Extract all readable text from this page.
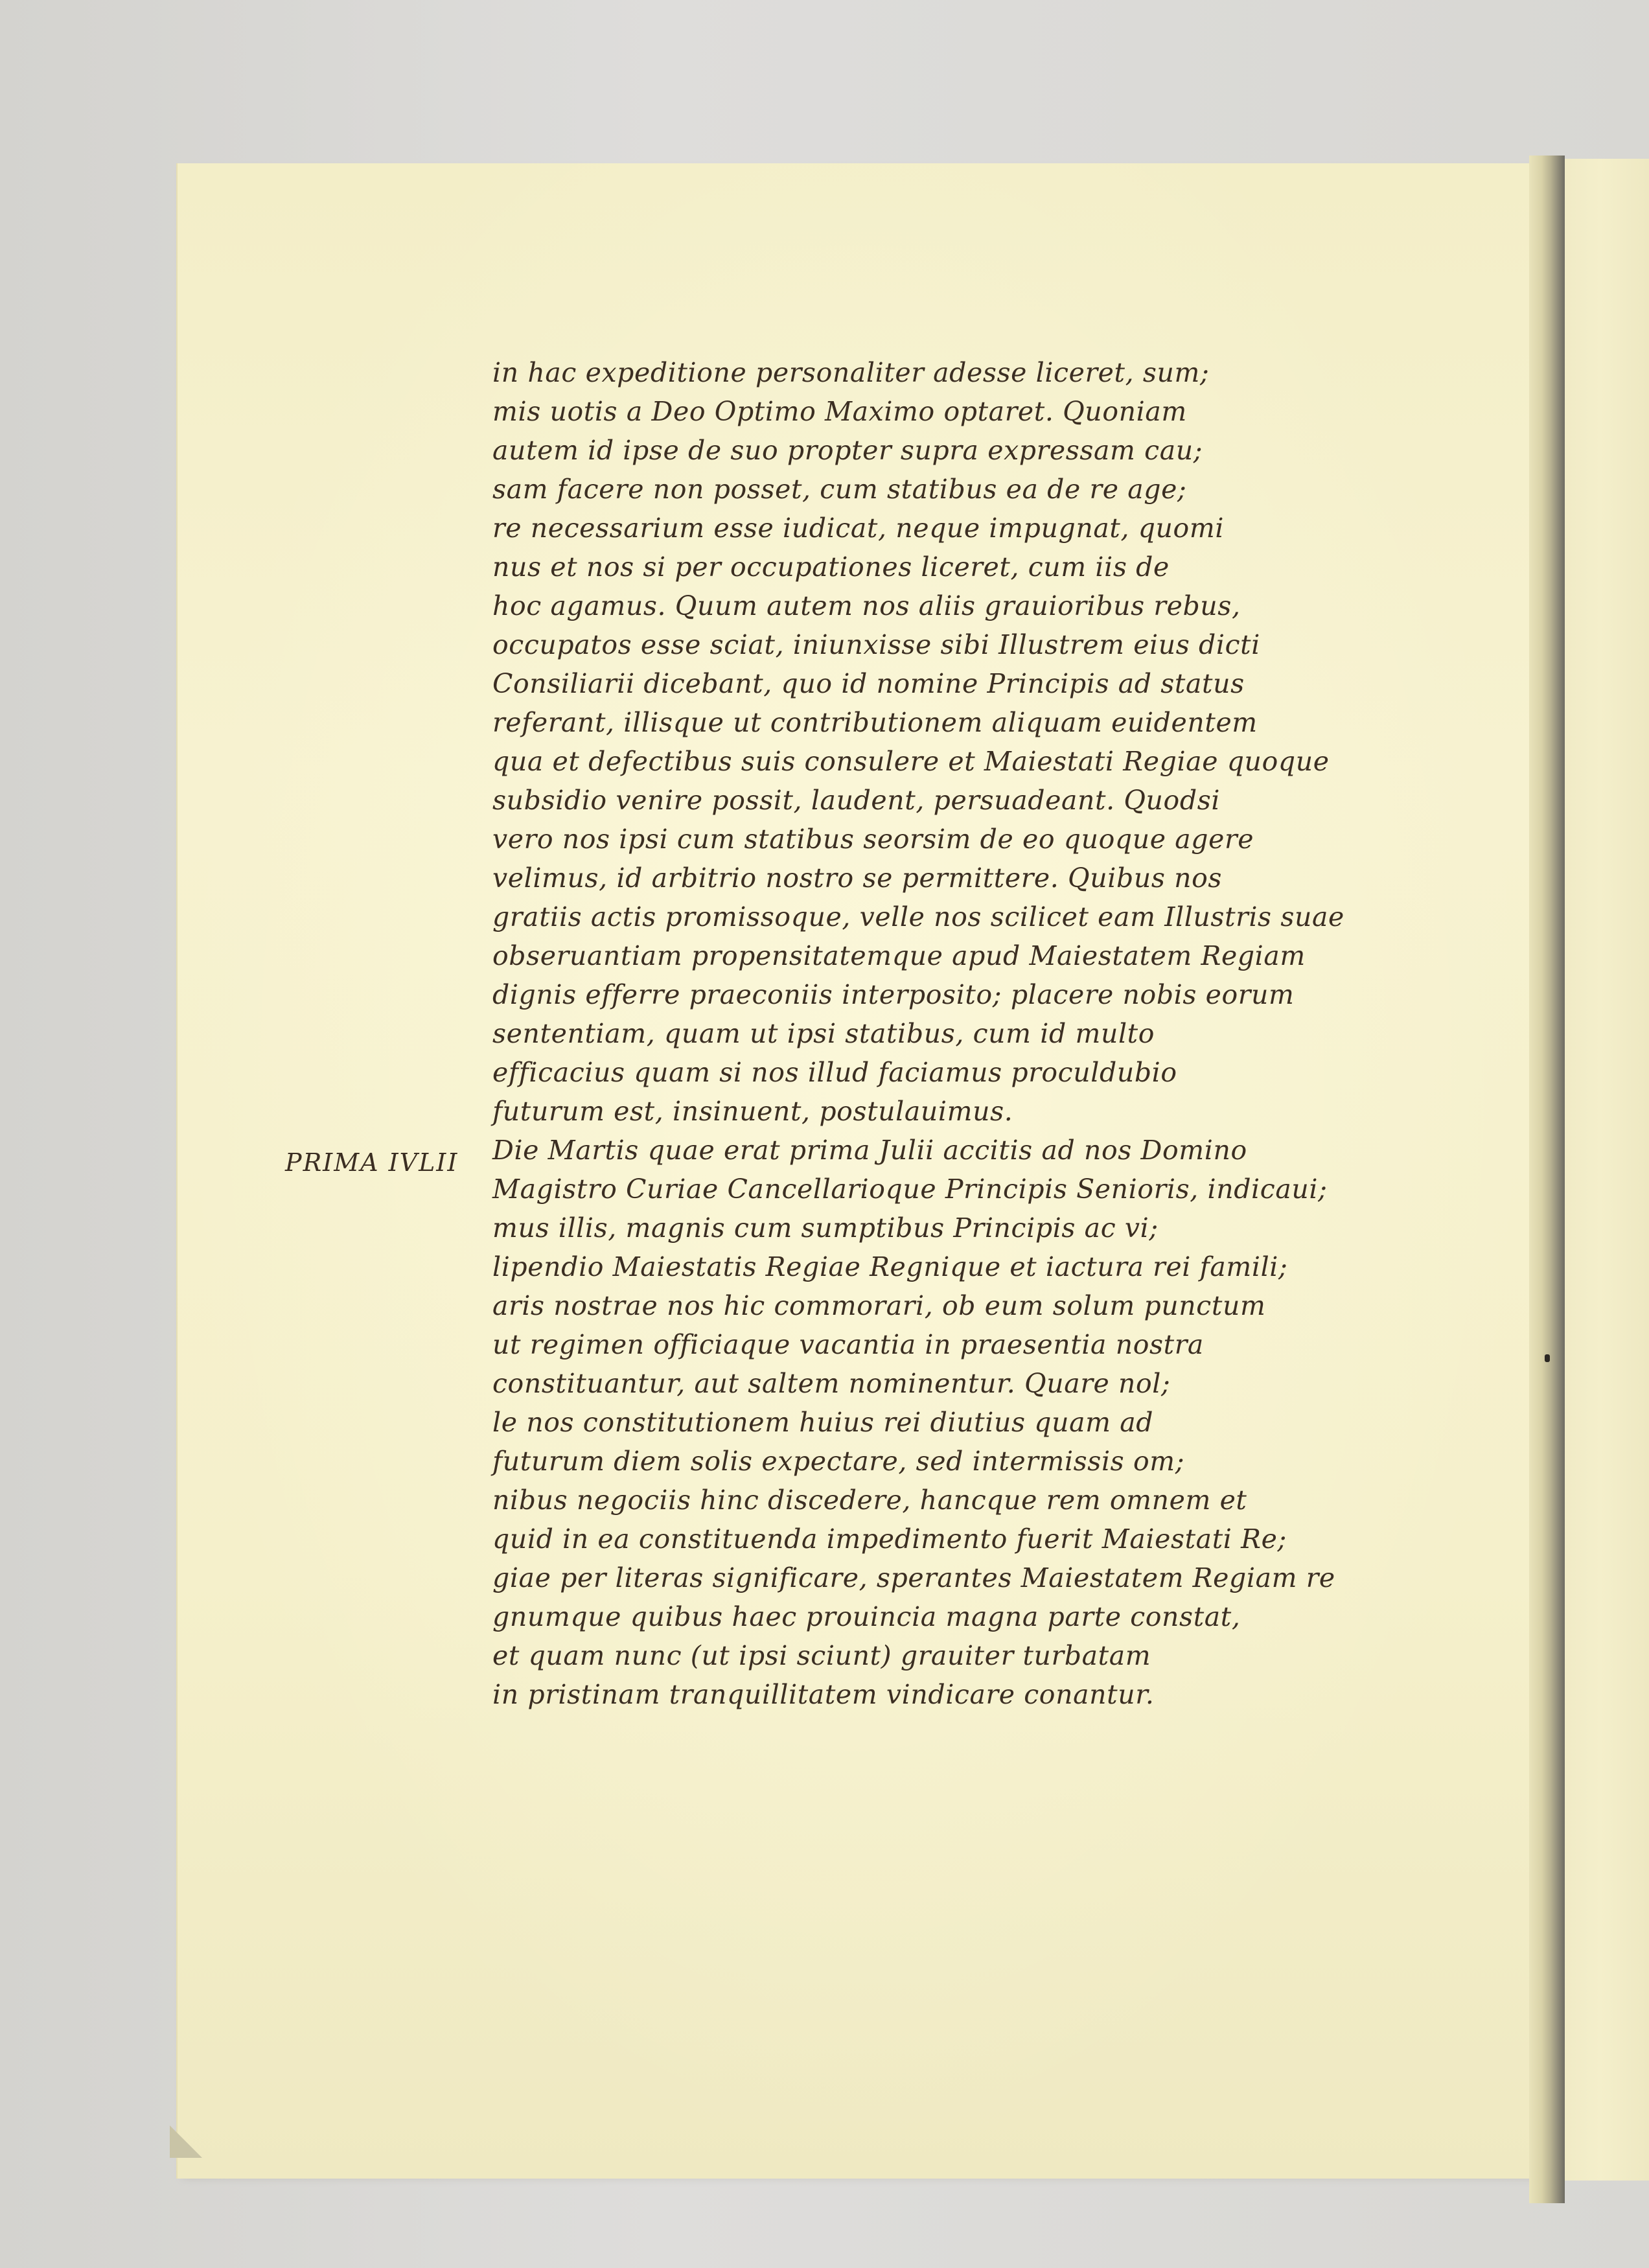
PRIMA IVLII
in hac expeditione personaliter adesse liceret, sum;
mis uotis a Deo Optimo Maximo optaret. Quoniam
autem id ipse de suo propter supra expressam cau;
sam facere non posset, cum statibus ea de re age;
re necessarium esse iudicat, neque impugnat, quomi
nus et nos si per occupationes liceret, cum iis de
hoc agamus. Quum autem nos aliis grauioribus rebus,
occupatos esse sciat, iniunxisse sibi Illustrem eius dicti
Consiliarii dicebant, quo id nomine Principis ad status
referant, illisque ut contributionem aliquam euidentem
qua et defectibus suis consulere et Maiestati Regiae quoque
subsidio venire possit, laudent, persuadeant. Quodsi
vero nos ipsi cum statibus seorsim de eo quoque agere
velimus, id arbitrio nostro se permittere. Quibus nos
gratiis actis promissoque, velle nos scilicet eam Illustris suae
obseruantiam propensitatemque apud Maiestatem Regiam
dignis efferre praeconiis interposito; placere nobis eorum
sententiam, quam ut ipsi statibus, cum id multo
efficacius quam si nos illud faciamus proculdubio
futurum est, insinuent, postulauimus.
Die Martis quae erat prima Julii accitis ad nos Domino
Magistro Curiae Cancellarioque Principis Senioris, indicaui;
mus illis, magnis cum sumptibus Principis ac vi;
lipendio Maiestatis Regiae Regnique et iactura rei famili;
aris nostrae nos hic commorari, ob eum solum punctum
ut regimen officiaque vacantia in praesentia nostra
constituantur, aut saltem nominentur. Quare nol;
le nos constitutionem huius rei diutius quam ad
futurum diem solis expectare, sed intermissis om;
nibus negociis hinc discedere, hancque rem omnem et
quid in ea constituenda impedimento fuerit Maiestati Re;
giae per literas significare, sperantes Maiestatem Regiam re
gnumque quibus haec prouincia magna parte constat,
et quam nunc (ut ipsi sciunt) grauiter turbatam
in pristinam tranquillitatem vindicare conantur.
